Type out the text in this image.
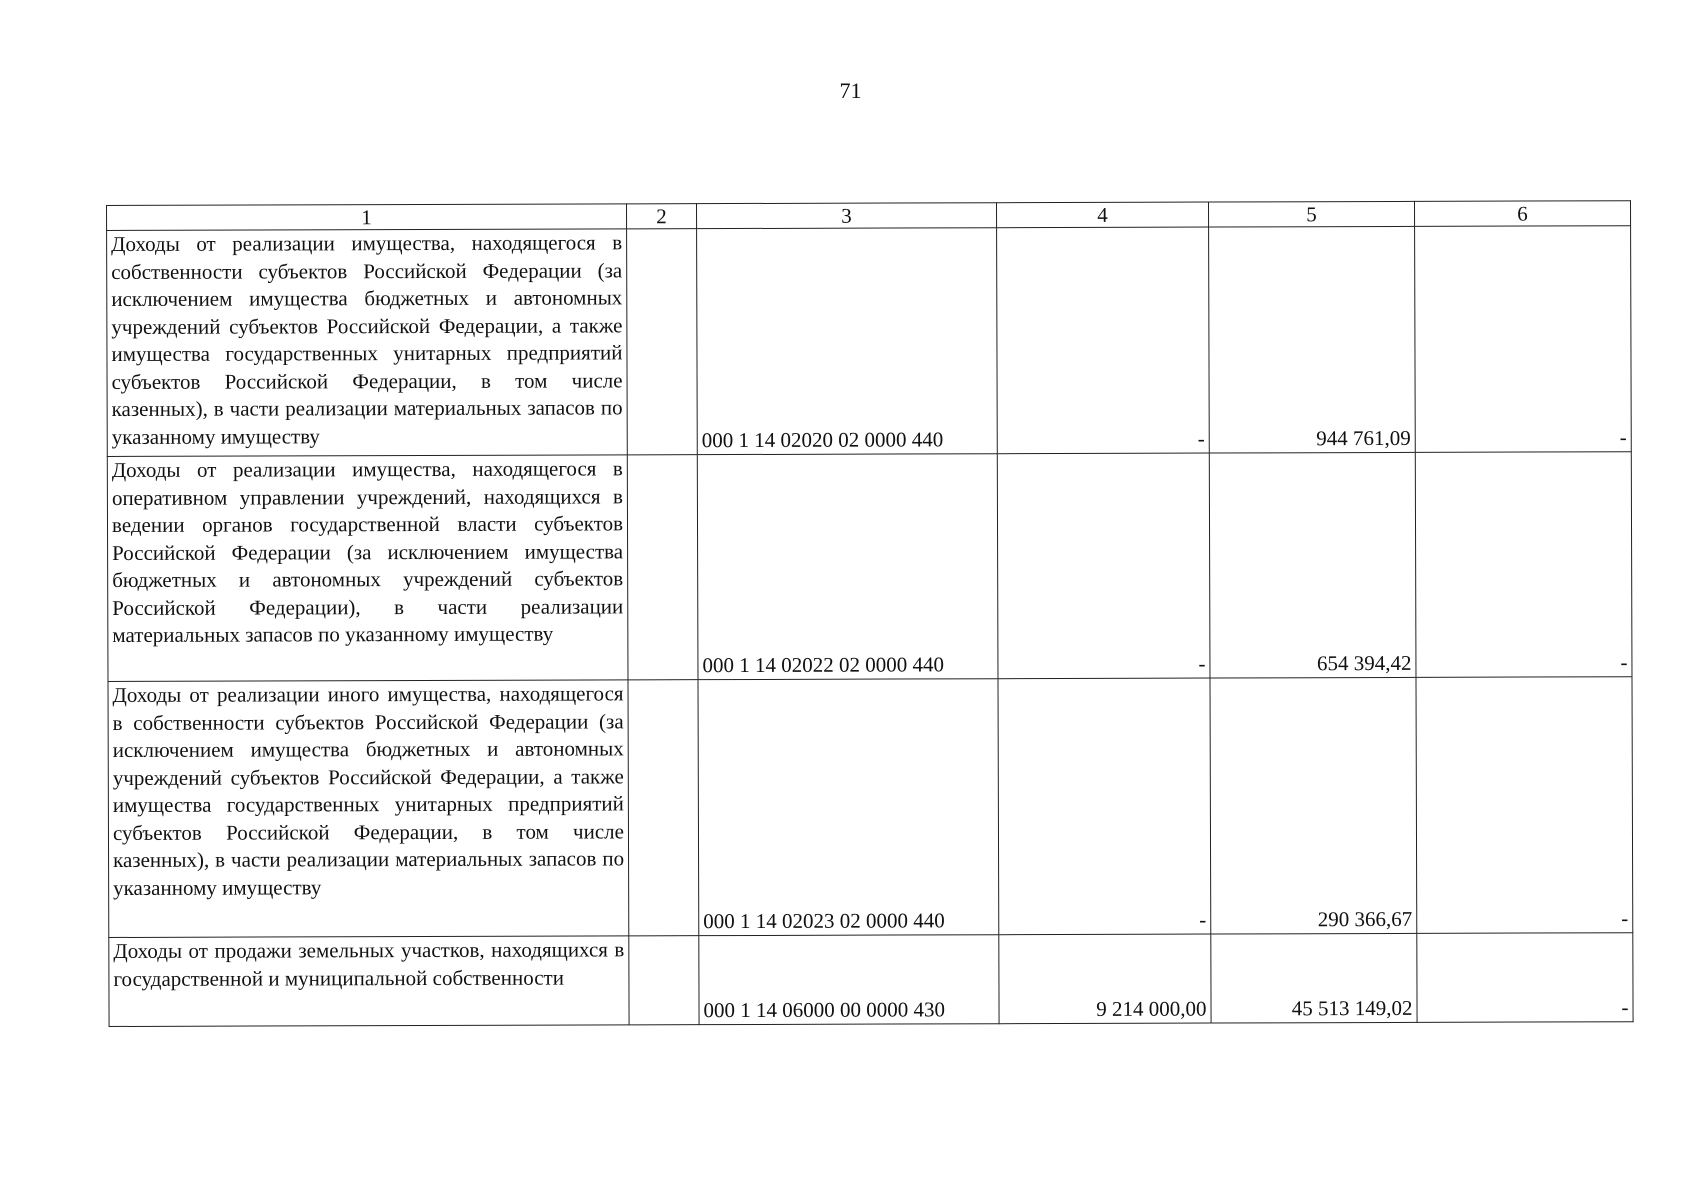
71
1	2	3	4	5	6
Доходы от реализации имущества, находящегося в собственности субъектов Российской Федерации (за исключением имущества бюджетных и автономных учреждений субъектов Российской Федерации, а также имущества государственных унитарных предприятий субъектов Российской Федерации, в том числе казенных), в части реализации материальных запасов по указанному имуществу		000 1 14 02020 02 0000 440	-	944 761,09	-
Доходы от реализации имущества, находящегося в оперативном управлении учреждений, находящихся в ведении органов государственной власти субъектов Российской Федерации (за исключением имущества бюджетных и автономных учреждений субъектов Российской Федерации), в части реализации материальных запасов по указанному имуществу		000 1 14 02022 02 0000 440	-	654 394,42	-
Доходы от реализации иного имущества, находящегося в собственности субъектов Российской Федерации (за исключением имущества бюджетных и автономных учреждений субъектов Российской Федерации, а также имущества государственных унитарных предприятий субъектов Российской Федерации, в том числе казенных), в части реализации материальных запасов по указанному имуществу		000 1 14 02023 02 0000 440	-	290 366,67	-
Доходы от продажи земельных участков, находящихся в государственной и муниципальной собственности		000 1 14 06000 00 0000 430	9 214 000,00	45 513 149,02	-
